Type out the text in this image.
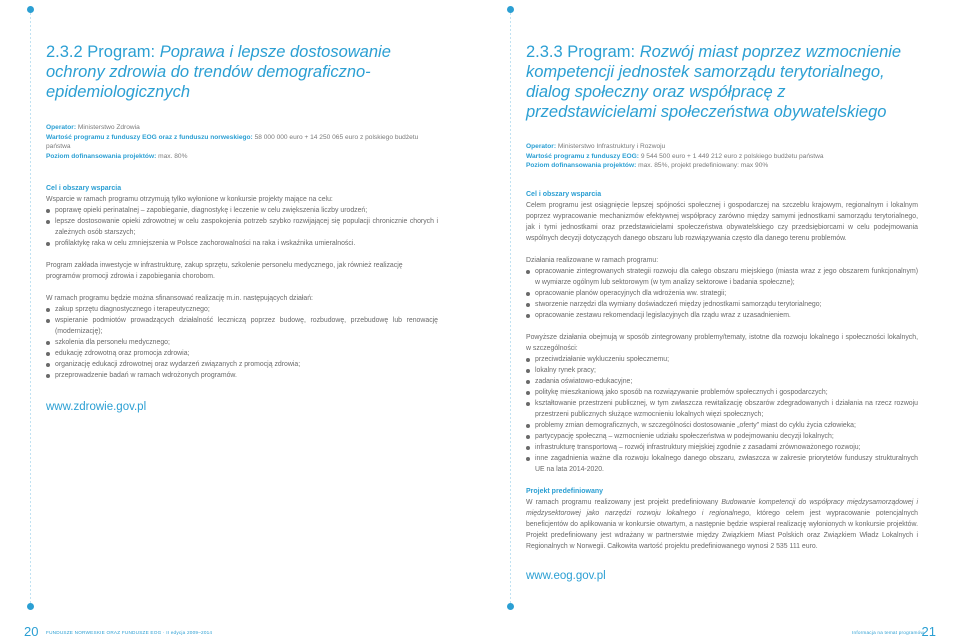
2.3.2 Program: Poprawa i lepsze dostosowanie ochrony zdrowia do trendów demograficzno-epidemiologicznych
Operator: Ministerstwo Zdrowia
Wartość programu z funduszy EOG oraz z funduszu norweskiego: 58 000 000 euro + 14 250 065 euro z polskiego budżetu państwa
Poziom dofinansowania projektów: max. 80%
Cel i obszary wsparcia
Wsparcie w ramach programu otrzymują tylko wyłonione w konkursie projekty mające na celu:
poprawę opieki perinatalnej – zapobieganie, diagnostykę i leczenie w celu zwiększenia liczby urodzeń;
lepsze dostosowanie opieki zdrowotnej w celu zaspokojenia potrzeb szybko rozwijającej się populacji chronicznie chorych i zależnych osób starszych;
profilaktykę raka w celu zmniejszenia w Polsce zachorowalności na raka i wskaźnika umieralności.
Program zakłada inwestycje w infrastrukturę, zakup sprzętu, szkolenie personelu medycznego, jak również realizację programów promocji zdrowia i zapobiegania chorobom.
W ramach programu będzie można sfinansować realizację m.in. następujących działań:
zakup sprzętu diagnostycznego i terapeutycznego;
wspieranie podmiotów prowadzących działalność leczniczą poprzez budowę, rozbudowę, przebudowę lub renowację (modernizację);
szkolenia dla personelu medycznego;
edukację zdrowotną oraz promocja zdrowia;
organizację edukacji zdrowotnej oraz wydarzeń związanych z promocją zdrowia;
przeprowadzenie badań w ramach wdrożonych programów.
www.zdrowie.gov.pl
20 FUNDUSZE NORWESKIE ORAZ FUNDUSZE EOG · II edycja 2009–2014
2.3.3 Program: Rozwój miast poprzez wzmocnienie kompetencji jednostek samorządu terytorialnego, dialog społeczny oraz współpracę z przedstawicielami społeczeństwa obywatelskiego
Operator: Ministerstwo Infrastruktury i Rozwoju
Wartość programu z funduszy EOG: 9 544 500 euro + 1 449 212 euro z polskiego budżetu państwa
Poziom dofinansowania projektów: max. 85%, projekt predefiniowany: max 90%
Cel i obszary wsparcia
Celem programu jest osiągnięcie lepszej spójności społecznej i gospodarczej na szczeblu krajowym, regionalnym i lokalnym poprzez wypracowanie mechanizmów efektywnej współpracy zarówno między samymi jednostkami samorządu terytorialnego, jak i tymi jednostkami oraz przedstawicielami społeczeństwa obywatelskiego czy przedsiębiorcami w celu podejmowania wspólnych decyzji dotyczących danego obszaru lub rozwiązywania często dla danego terenu problemów.
Działania realizowane w ramach programu:
opracowanie zintegrowanych strategii rozwoju dla całego obszaru miejskiego (miasta wraz z jego obszarem funkcjonalnym) w wymiarze ogólnym lub sektorowym (w tym analizy sektorowe i badania społeczne);
opracowanie planów operacyjnych dla wdrożenia ww. strategii;
stworzenie narzędzi dla wymiany doświadczeń między jednostkami samorządu terytorialnego;
opracowanie zestawu rekomendacji legislacyjnych dla rządu wraz z uzasadnieniem.
Powyższe działania obejmują w sposób zintegrowany problemy/tematy, istotne dla rozwoju lokalnego i społeczności lokalnych, w szczególności:
przeciwdziałanie wykluczeniu społecznemu;
lokalny rynek pracy;
zadania oświatowo-edukacyjne;
politykę mieszkaniową jako sposób na rozwiązywanie problemów społecznych i gospodarczych;
kształtowanie przestrzeni publicznej, w tym zwłaszcza rewitalizację obszarów zdegradowanych i działania na rzecz rozwoju przestrzeni publicznych służące wzmocnieniu lokalnych więzi społecznych;
problemy zmian demograficznych, w szczególności dostosowanie „oferty” miast do cyklu życia człowieka;
partycypację społeczną – wzmocnienie udziału społeczeństwa w podejmowaniu decyzji lokalnych;
infrastrukturę transportową – rozwój infrastruktury miejskiej zgodnie z zasadami zrównoważonego rozwoju;
inne zagadnienia ważne dla rozwoju lokalnego danego obszaru, zwłaszcza w zakresie priorytetów funduszy strukturalnych UE na lata 2014-2020.
Projekt predefiniowany
W ramach programu realizowany jest projekt predefiniowany Budowanie kompetencji do współpracy międzysamorządowej i międzysektorowej jako narzędzi rozwoju lokalnego i regionalnego, którego celem jest wypracowanie potencjalnych beneficjentów do aplikowania w konkursie otwartym, a następnie będzie wspierał realizację wyłonionych w konkursie projektów. Projekt predefiniowany jest wdrażany w partnerstwie między Związkiem Miast Polskich oraz Związkiem Władz Lokalnych i Regionalnych w Norwegii. Całkowita wartość projektu predefiniowanego wynosi 2 535 111 euro.
www.eog.gov.pl
Informacja na temat programów
21
